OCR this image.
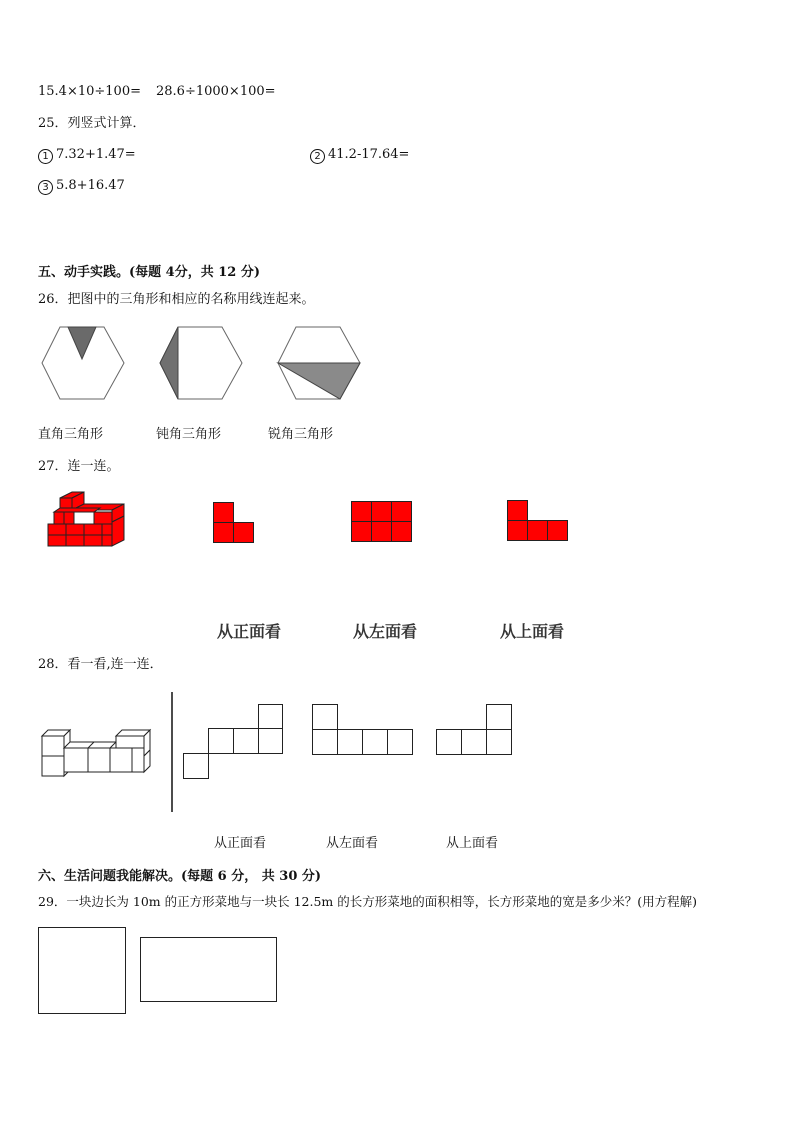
15.4×10÷100= 28.6÷1000×100=
25．列竖式计算．
1 7.32+1.47=	2 41.2-17.64=
3 5.8+16.47
五、动手实践。(每题 4分，共 12 分)
26．把图中的三角形和相应的名称用线连起来。
直角三角形	钝角三角形	锐角三角形
27．连一连。
从正面看	从左面看	从上面看
28．看一看,连一连．
从正面看	从左面看	从上面看
六、生活问题我能解决。(每题 6 分， 共 30 分)
29．一块边长为 10m 的正方形菜地与一块长 12.5m 的长方形菜地的面积相等，长方形菜地的宽是多少米？(用方程解)
